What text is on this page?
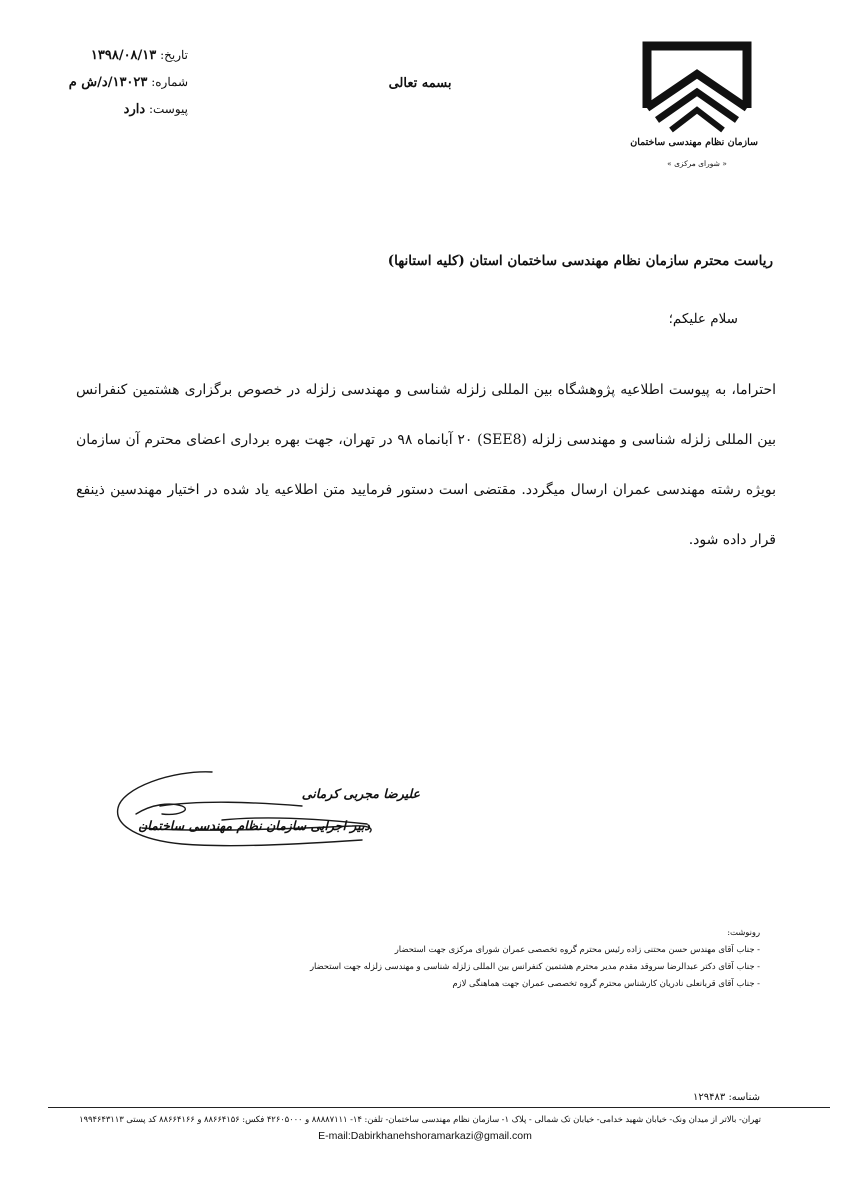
سازمان نظام مهندسی ساختمان
« شورای مرکزی »
بسمه تعالی
تاریخ: ۱۳۹۸/۰۸/۱۳
شماره: ۱۳۰۲۳/د/ش م
پیوست: دارد
ریاست محترم سازمان نظام مهندسی ساختمان استان (کلیه استانها)
سلام علیکم؛
احتراما، به پیوست اطلاعیه پژوهشگاه بین المللی زلزله شناسی و مهندسی زلزله در خصوص برگزاری هشتمین کنفرانس بین المللی زلزله شناسی و مهندسی زلزله (SEE8) ۲۰ آبانماه ۹۸ در تهران، جهت بهره برداری اعضای محترم آن سازمان بویژه رشته مهندسی عمران ارسال میگردد. مقتضی است دستور فرمایید متن اطلاعیه یاد شده در اختیار مهندسین ذینفع قرار داده شود.
علیرضا مجربی کرمانی
دبیر اجرایی سازمان نظام مهندسی ساختمان
رونوشت:
- جناب آقای مهندس حسن محتنی زاده رئیس محترم گروه تخصصی عمران شورای مرکزی جهت استحضار
- جناب آقای دکتر عبدالرضا سروقد مقدم مدیر محترم هشتمین کنفرانس بین المللی زلزله شناسی و مهندسی زلزله جهت استحضار
- جناب آقای قربانعلی نادریان کارشناس محترم گروه تخصصی عمران جهت هماهنگی لازم
شناسه: ۱۲۹۴۸۳
تهران- بالاتر از میدان ونک- خیابان شهید خدامی- خیابان تک شمالی - پلاک ۱- سازمان نظام مهندسی ساختمان- تلفن: ۱۴- ۸۸۸۸۷۱۱۱ و ۴۲۶۰۵۰۰۰ فکس: ۸۸۶۶۴۱۵۶ و ۸۸۶۶۴۱۶۶ کد پستی ۱۹۹۴۶۴۳۱۱۳
E-mail:Dabirkhanehshoramarkazi@gmail.com
